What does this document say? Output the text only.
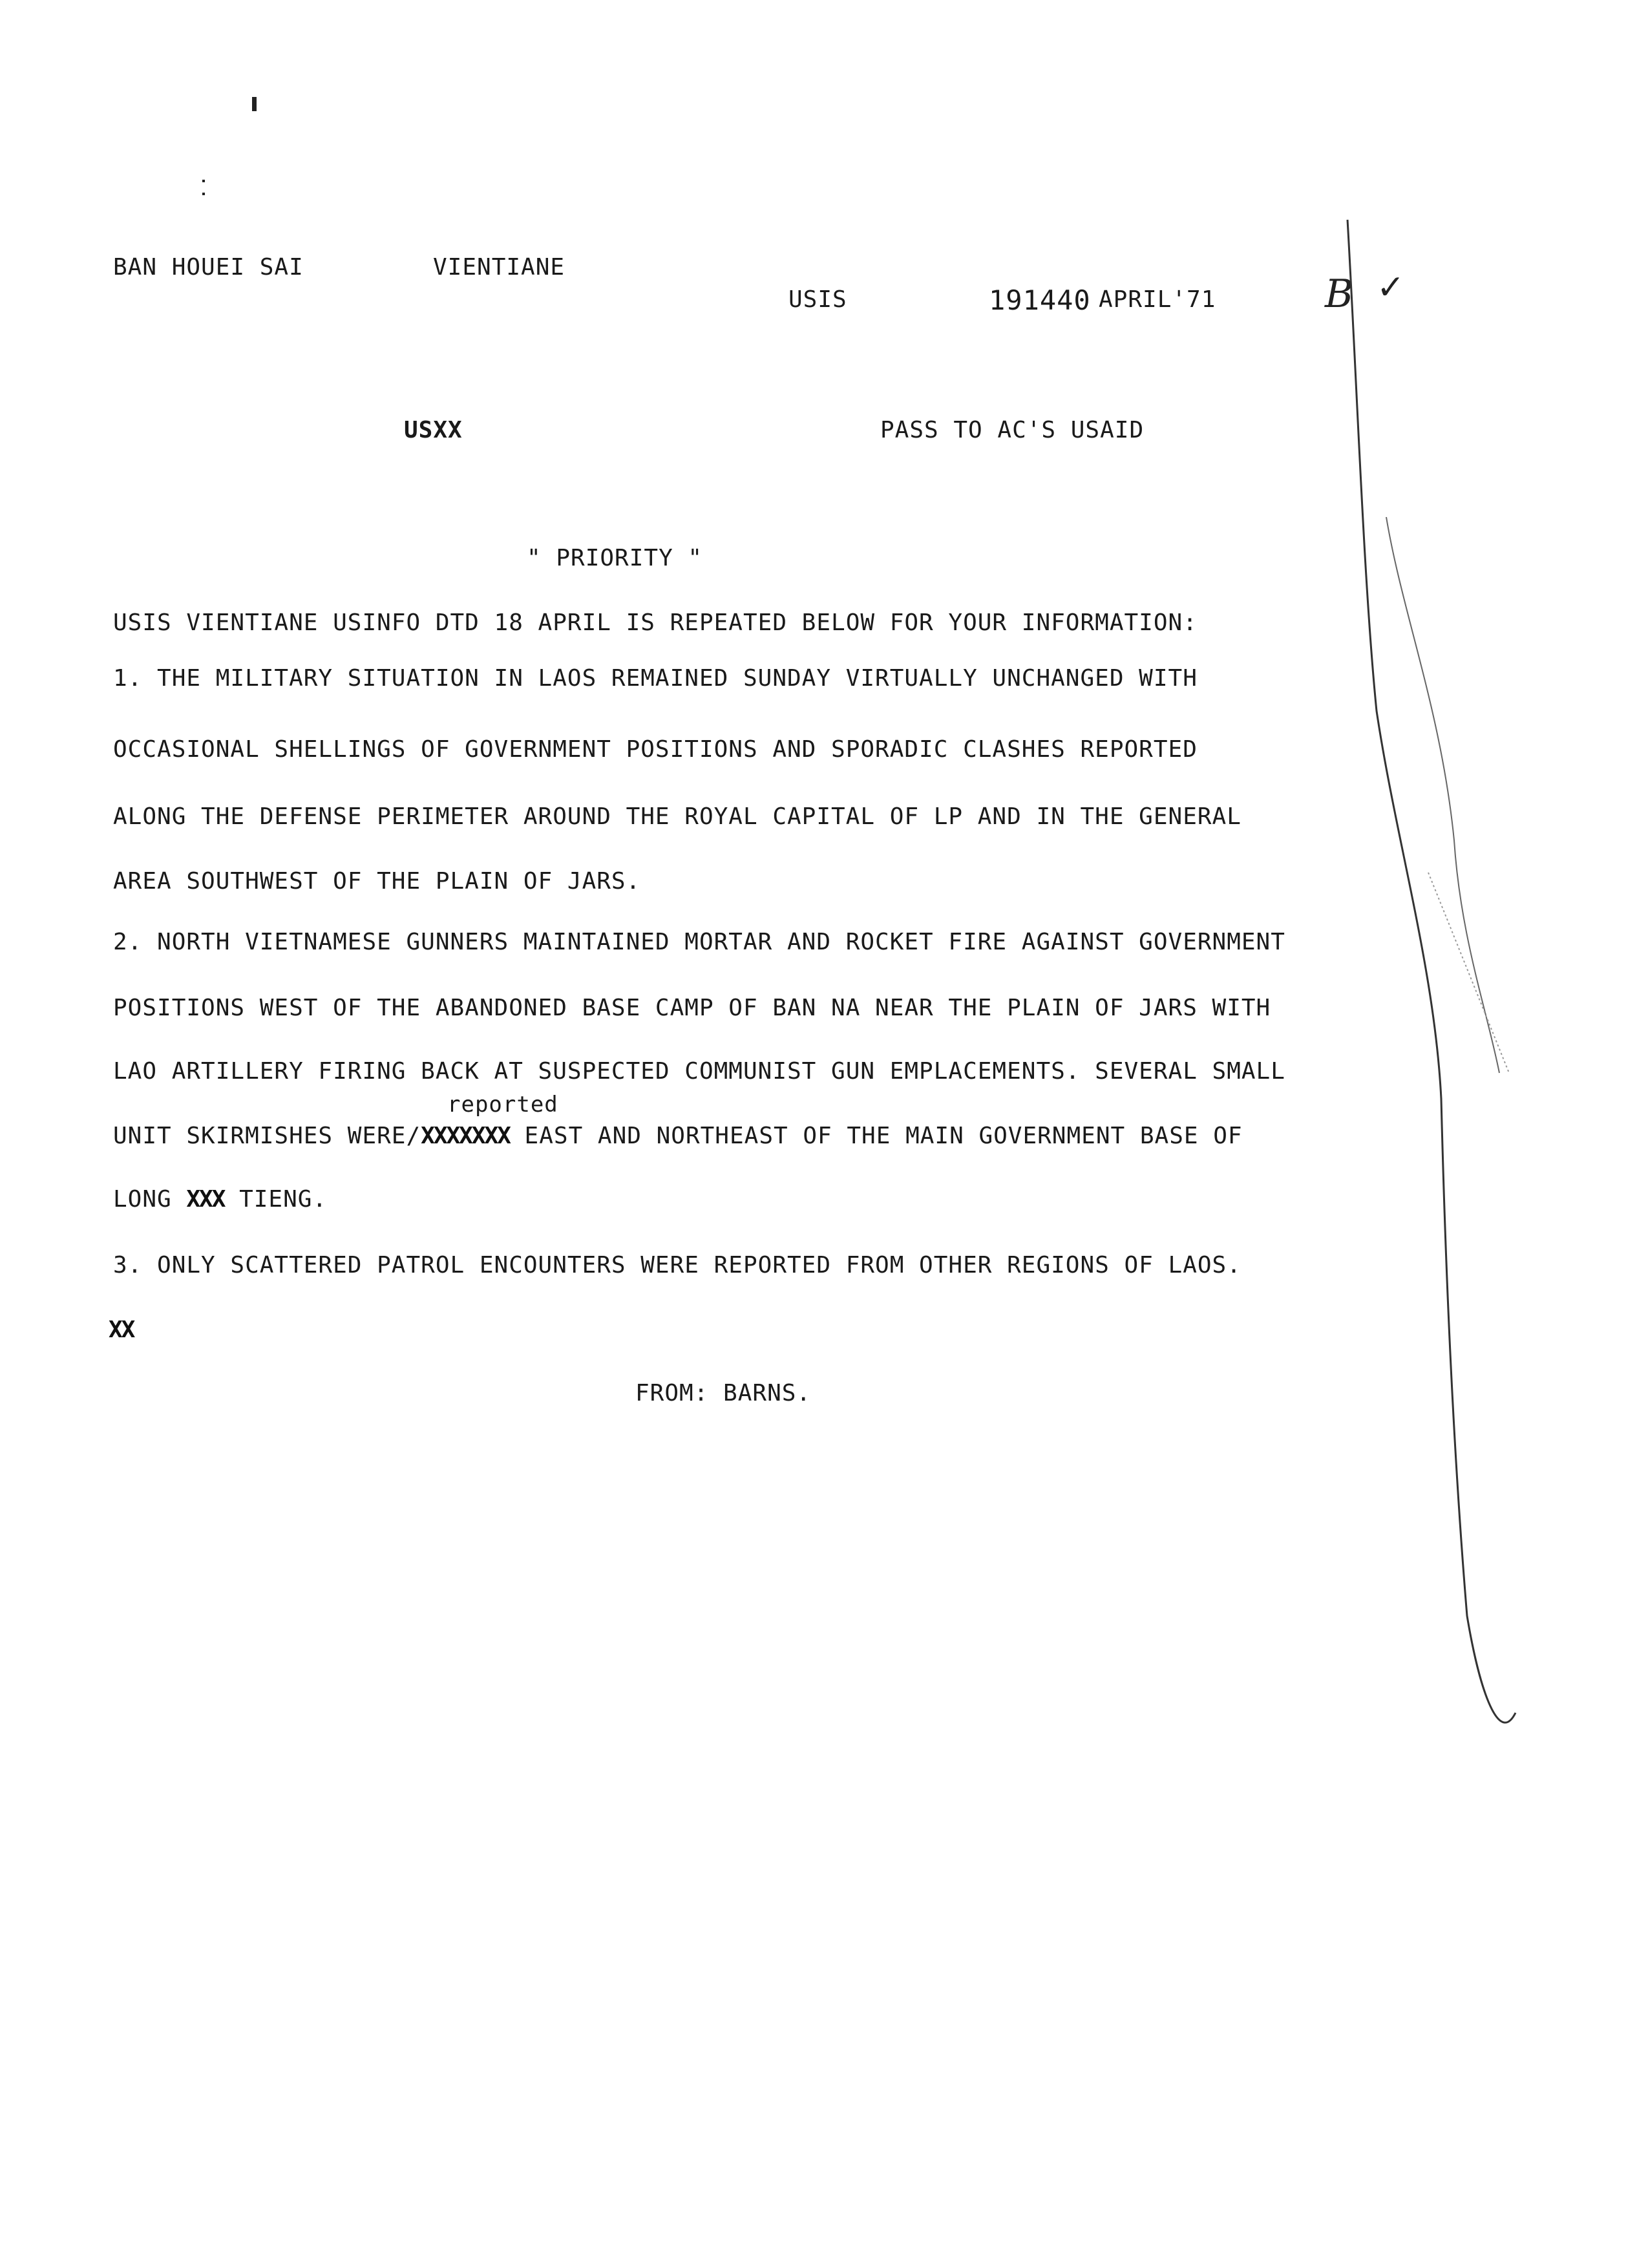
BAN HOUEI SAI	VIENTIANE
USIS	191440 APRIL'71	B ✓
USXX	PASS TO AC'S USAID
" PRIORITY "
USIS VIENTIANE USINFO DTD 18 APRIL IS REPEATED BELOW FOR YOUR INFORMATION:
1. THE MILITARY SITUATION IN LAOS REMAINED SUNDAY VIRTUALLY UNCHANGED WITH
OCCASIONAL SHELLINGS OF GOVERNMENT POSITIONS AND SPORADIC CLASHES REPORTED
ALONG THE DEFENSE PERIMETER AROUND THE ROYAL CAPITAL OF LP AND IN THE GENERAL
AREA SOUTHWEST OF THE PLAIN OF JARS.
2. NORTH VIETNAMESE GUNNERS MAINTAINED MORTAR AND ROCKET FIRE AGAINST GOVERNMENT
POSITIONS WEST OF THE ABANDONED BASE CAMP OF BAN NA NEAR THE PLAIN OF JARS WITH
LAO ARTILLERY FIRING BACK AT SUSPECTED COMMUNIST GUN EMPLACEMENTS. SEVERAL SMALL
reported
UNIT SKIRMISHES WERE/XXXXXXX EAST AND NORTHEAST OF THE MAIN GOVERNMENT BASE OF
LONG XXX TIENG.
3. ONLY SCATTERED PATROL ENCOUNTERS WERE REPORTED FROM OTHER REGIONS OF LAOS.
XX
FROM: BARNS.
